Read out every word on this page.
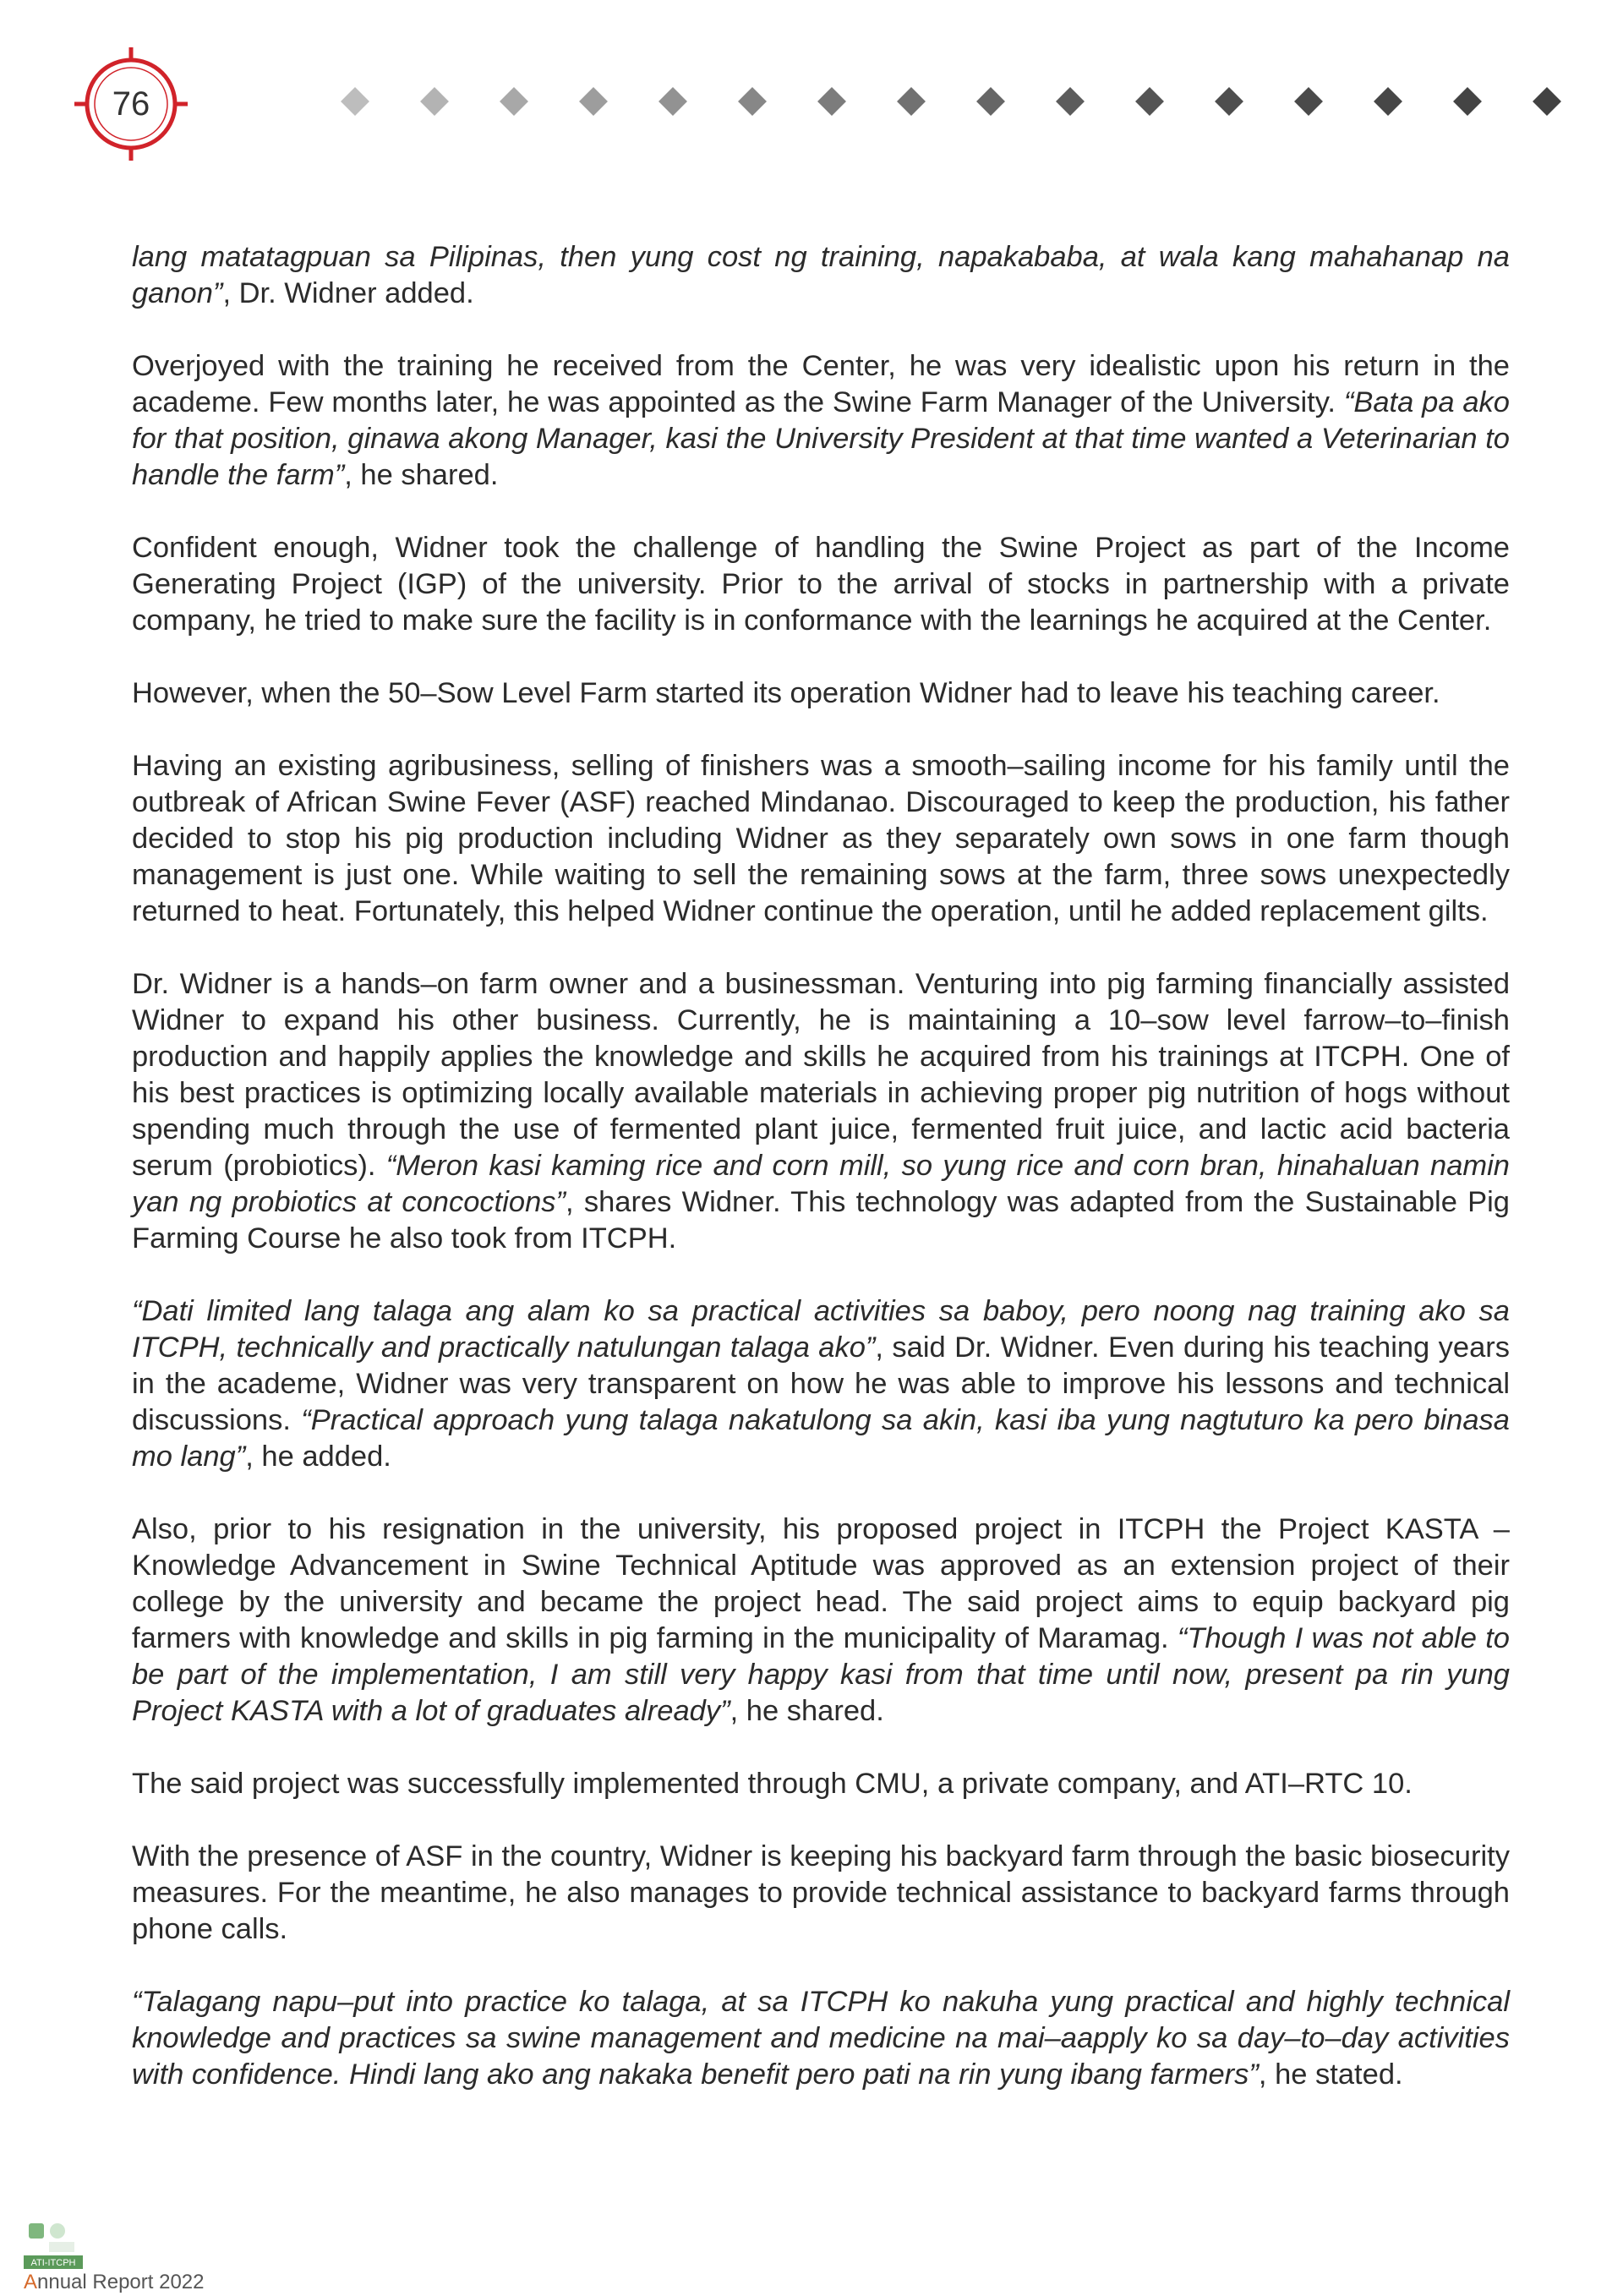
76

lang matatagpuan sa Pilipinas, then yung cost ng training, napakababa, at wala kang mahahanap na ganon”, Dr. Widner added.

Overjoyed with the training he received from the Center, he was very idealistic upon his return in the academe. Few months later, he was appointed as the Swine Farm Manager of the University. “Bata pa ako for that position, ginawa akong Manager, kasi the University President at that time wanted a Veterinarian to handle the farm”, he shared.

Confident enough, Widner took the challenge of handling the Swine Project as part of the Income Generating Project (IGP) of the university. Prior to the arrival of stocks in partnership with a private company, he tried to make sure the facility is in conformance with the learnings he acquired at the Center.

However, when the 50–Sow Level Farm started its operation Widner had to leave his teaching career.

Having an existing agribusiness, selling of finishers was a smooth–sailing income for his family until the outbreak of African Swine Fever (ASF) reached Mindanao. Discouraged to keep the production, his father decided to stop his pig production including Widner as they separately own sows in one farm though management is just one. While waiting to sell the remaining sows at the farm, three sows unexpectedly returned to heat. Fortunately, this helped Widner continue the operation, until he added replacement gilts.

Dr. Widner is a hands–on farm owner and a businessman. Venturing into pig farming financially assisted Widner to expand his other business. Currently, he is maintaining a 10–sow level farrow–to–finish production and happily applies the knowledge and skills he acquired from his trainings at ITCPH. One of his best practices is optimizing locally available materials in achieving proper pig nutrition of hogs without spending much through the use of fermented plant juice, fermented fruit juice, and lactic acid bacteria serum (probiotics). “Meron kasi kaming rice and corn mill, so yung rice and corn bran, hinahaluan namin yan ng probiotics at concoctions”, shares Widner. This technology was adapted from the Sustainable Pig Farming Course he also took from ITCPH.

“Dati limited lang talaga ang alam ko sa practical activities sa baboy, pero noong nag training ako sa ITCPH, technically and practically natulungan talaga ako”, said Dr. Widner. Even during his teaching years in the academe, Widner was very transparent on how he was able to improve his lessons and technical discussions. “Practical approach yung talaga nakatulong sa akin, kasi iba yung nagtuturo ka pero binasa mo lang”, he added.

Also, prior to his resignation in the university, his proposed project in ITCPH the Project KASTA – Knowledge Advancement in Swine Technical Aptitude was approved as an extension project of their college by the university and became the project head. The said project aims to equip backyard pig farmers with knowledge and skills in pig farming in the municipality of Maramag. “Though I was not able to be part of the implementation, I am still very happy kasi from that time until now, present pa rin yung Project KASTA with a lot of graduates already”, he shared.

The said project was successfully implemented through CMU, a private company, and ATI–RTC 10.

With the presence of ASF in the country, Widner is keeping his backyard farm through the basic biosecurity measures. For the meantime, he also manages to provide technical assistance to backyard farms through phone calls.

“Talagang napu–put into practice ko talaga, at sa ITCPH ko nakuha yung practical and highly technical knowledge and practices sa swine management and medicine na mai–aapply ko sa day–to–day activities with confidence. Hindi lang ako ang nakaka benefit pero pati na rin yung ibang farmers”, he stated.

ATI-ITCPH
Annual Report 2022
